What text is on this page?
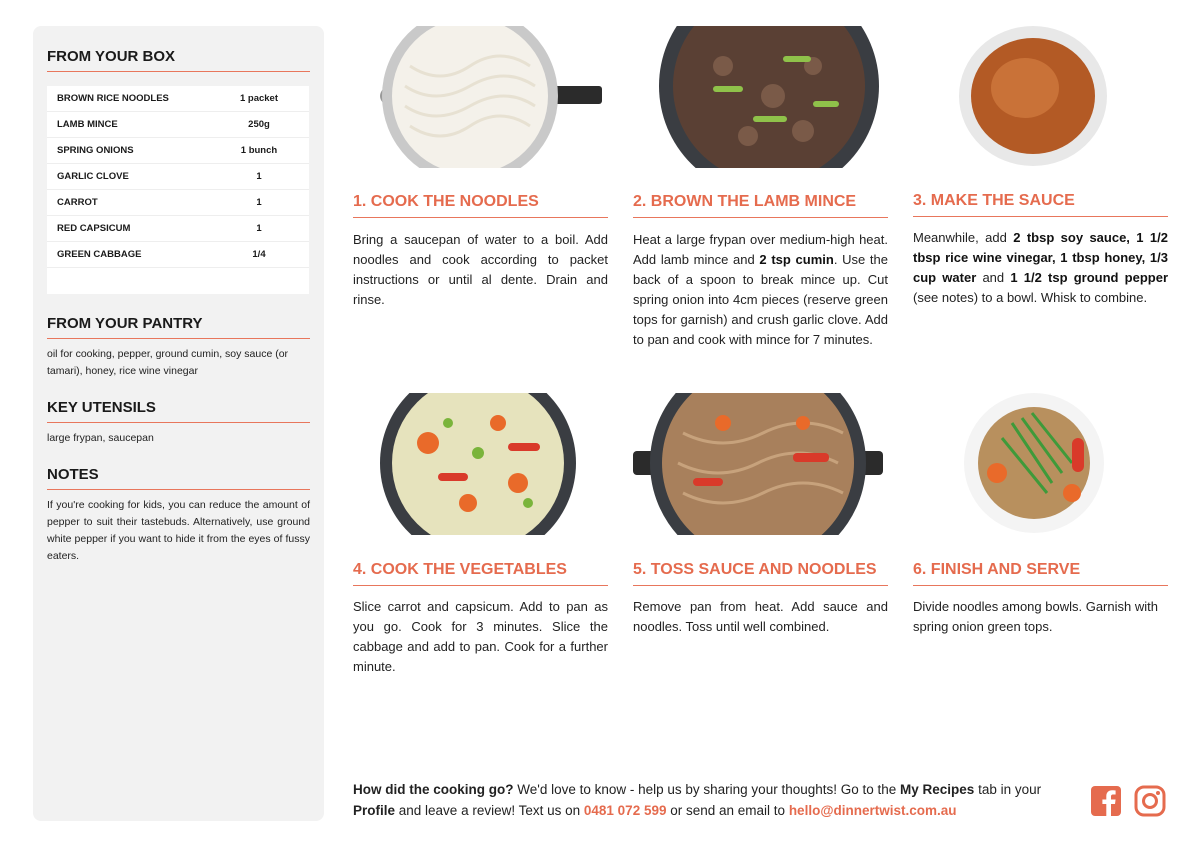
FROM YOUR BOX
BROWN RICE NOODLES	1 packet
LAMB MINCE	250g
SPRING ONIONS	1 bunch
GARLIC CLOVE	1
CARROT	1
RED CAPSICUM	1
GREEN CABBAGE	1/4
FROM YOUR PANTRY
oil for cooking, pepper, ground cumin, soy sauce (or tamari), honey, rice wine vinegar
KEY UTENSILS
large frypan, saucepan
NOTES
If you're cooking for kids, you can reduce the amount of pepper to suit their tastebuds. Alternatively, use ground white pepper if you want to hide it from the eyes of fussy eaters.
1. COOK THE NOODLES
Bring a saucepan of water to a boil. Add noodles and cook according to packet instructions or until al dente. Drain and rinse.
2. BROWN THE LAMB MINCE
Heat a large frypan over medium-high heat. Add lamb mince and 2 tsp cumin. Use the back of a spoon to break mince up. Cut spring onion into 4cm pieces (reserve green tops for garnish) and crush garlic clove. Add to pan and cook with mince for 7 minutes.
3. MAKE THE SAUCE
Meanwhile, add 2 tbsp soy sauce, 1 1/2 tbsp rice wine vinegar, 1 tbsp honey, 1/3 cup water and 1 1/2 tsp ground pepper (see notes) to a bowl. Whisk to combine.
4. COOK THE VEGETABLES
Slice carrot and capsicum. Add to pan as you go. Cook for 3 minutes. Slice the cabbage and add to pan. Cook for a further minute.
5. TOSS SAUCE AND NOODLES
Remove pan from heat. Add sauce and noodles. Toss until well combined.
6. FINISH AND SERVE
Divide noodles among bowls. Garnish with spring onion green tops.
How did the cooking go? We'd love to know - help us by sharing your thoughts! Go to the My Recipes tab in your Profile and leave a review! Text us on 0481 072 599 or send an email to hello@dinnertwist.com.au
